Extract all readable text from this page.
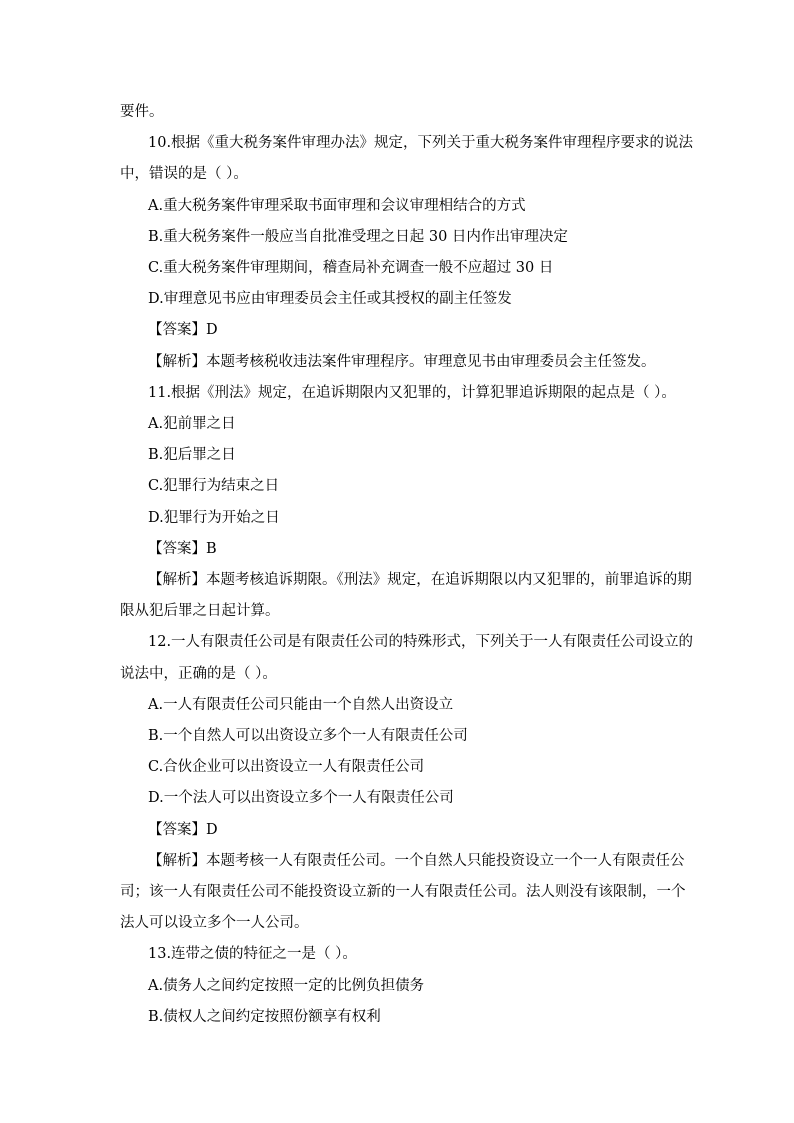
要件。
10.根据《重大税务案件审理办法》规定，下列关于重大税务案件审理程序要求的说法
中，错误的是（ ）。
A.重大税务案件审理采取书面审理和会议审理相结合的方式
B.重大税务案件一般应当自批准受理之日起 30 日内作出审理决定
C.重大税务案件审理期间，稽查局补充调查一般不应超过 30 日
D.审理意见书应由审理委员会主任或其授权的副主任签发
【答案】D
【解析】本题考核税收违法案件审理程序。审理意见书由审理委员会主任签发。
11.根据《刑法》规定，在追诉期限内又犯罪的，计算犯罪追诉期限的起点是（ ）。
A.犯前罪之日
B.犯后罪之日
C.犯罪行为结束之日
D.犯罪行为开始之日
【答案】B
【解析】本题考核追诉期限。《刑法》规定，在追诉期限以内又犯罪的，前罪追诉的期
限从犯后罪之日起计算。
12.一人有限责任公司是有限责任公司的特殊形式，下列关于一人有限责任公司设立的
说法中，正确的是（ ）。
A.一人有限责任公司只能由一个自然人出资设立
B.一个自然人可以出资设立多个一人有限责任公司
C.合伙企业可以出资设立一人有限责任公司
D.一个法人可以出资设立多个一人有限责任公司
【答案】D
【解析】本题考核一人有限责任公司。一个自然人只能投资设立一个一人有限责任公
司；该一人有限责任公司不能投资设立新的一人有限责任公司。法人则没有该限制，一个
法人可以设立多个一人公司。
13.连带之债的特征之一是（ ）。
A.债务人之间约定按照一定的比例负担债务
B.债权人之间约定按照份额享有权利
